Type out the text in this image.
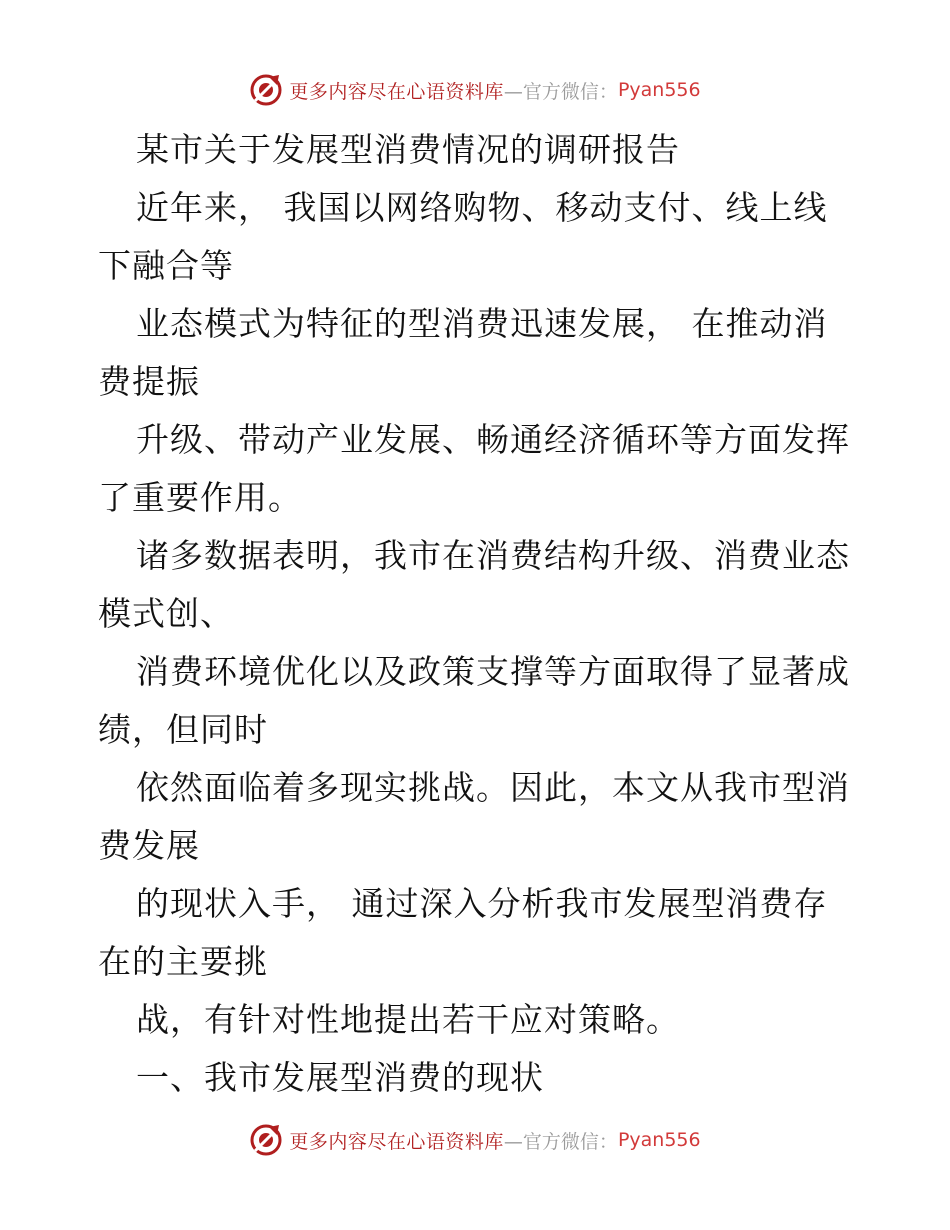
更多内容尽在心语资料库 —官方微信： Pyan556
某市关于发展型消费情况的调研报告
近年来， 我国以网络购物、移动支付、线上线
下融合等
业态模式为特征的型消费迅速发展， 在推动消
费提振
升级、带动产业发展、畅通经济循环等方面发挥
了重要作用。
诸多数据表明，我市在消费结构升级、消费业态
模式创、
消费环境优化以及政策支撑等方面取得了显著成
绩，但同时
依然面临着多现实挑战。因此，本文从我市型消
费发展
的现状入手， 通过深入分析我市发展型消费存
在的主要挑
战，有针对性地提出若干应对策略。
一、我市发展型消费的现状
更多内容尽在心语资料库 —官方微信： Pyan556
